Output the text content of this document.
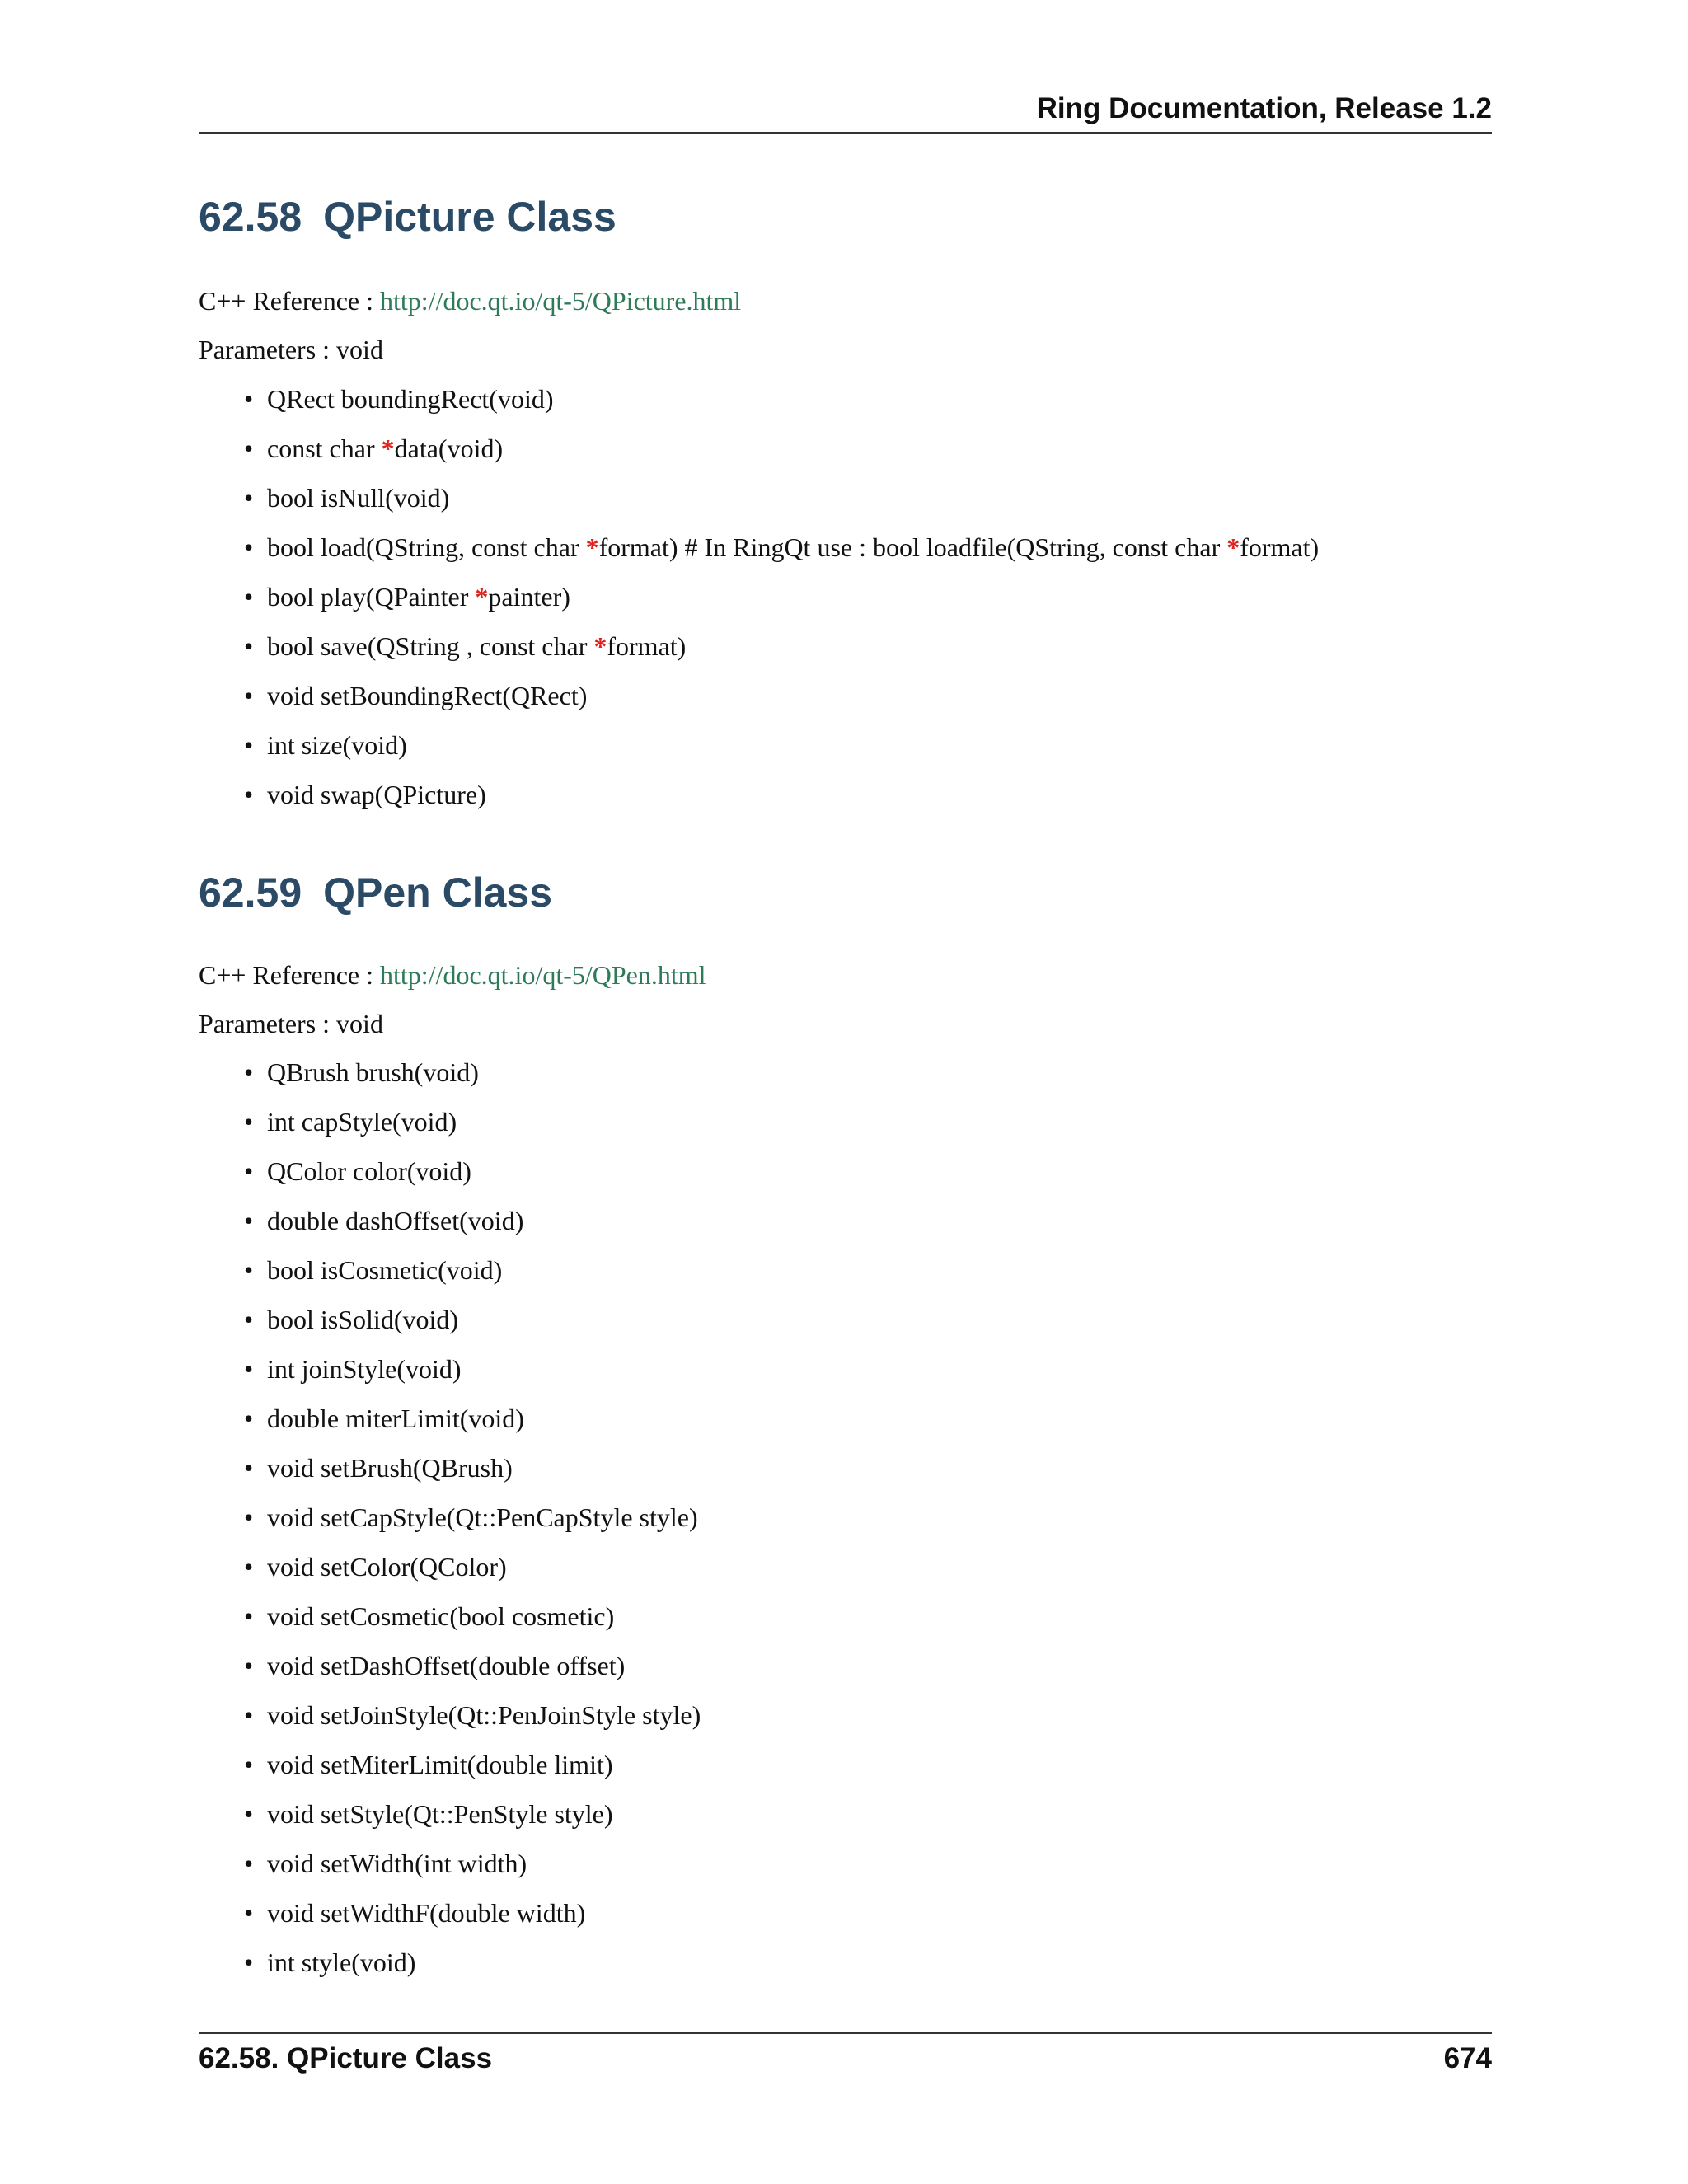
Ring Documentation, Release 1.2
62.58 QPicture Class
C++ Reference : http://doc.qt.io/qt-5/QPicture.html
Parameters : void
• QRect boundingRect(void)
• const char *data(void)
• bool isNull(void)
• bool load(QString, const char *format) # In RingQt use : bool loadfile(QString, const char *format)
• bool play(QPainter *painter)
• bool save(QString , const char *format)
• void setBoundingRect(QRect)
• int size(void)
• void swap(QPicture)
62.59 QPen Class
C++ Reference : http://doc.qt.io/qt-5/QPen.html
Parameters : void
• QBrush brush(void)
• int capStyle(void)
• QColor color(void)
• double dashOffset(void)
• bool isCosmetic(void)
• bool isSolid(void)
• int joinStyle(void)
• double miterLimit(void)
• void setBrush(QBrush)
• void setCapStyle(Qt::PenCapStyle style)
• void setColor(QColor)
• void setCosmetic(bool cosmetic)
• void setDashOffset(double offset)
• void setJoinStyle(Qt::PenJoinStyle style)
• void setMiterLimit(double limit)
• void setStyle(Qt::PenStyle style)
• void setWidth(int width)
• void setWidthF(double width)
• int style(void)
62.58. QPicture Class	674
